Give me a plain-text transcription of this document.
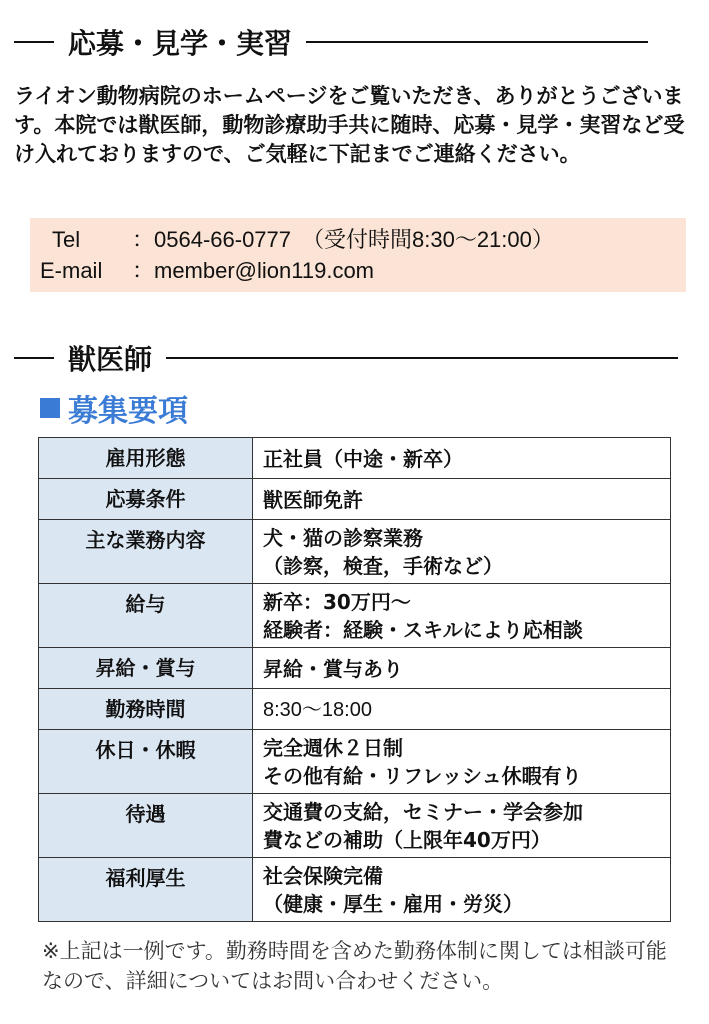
応募・見学・実習

ライオン動物病院のホームページをご覧いただき、ありがとうございます。本院では獣医師，動物診療助手共に随時、応募・見学・実習など受け入れておりますので、ご気軽に下記までご連絡ください。

Tel	：0564-66-0777　（受付時間8:30～21:00）
E-mail	：member@lion119.com
獣医師
募集要項
雇用形態	正社員（中途・新卒）

応募条件	獣医師免許

主な業務内容	犬・猫の診察業務
（診察，検査，手術など）

給与	新卒：30万円～
経験者：経験・スキルにより応相談

昇給・賞与	昇給・賞与あり

勤務時間	8:30〜18:00

休日・休暇	完全週休２日制
その他有給・リフレッシュ休暇有り

待遇	交通費の支給，セミナー・学会参加
費などの補助（上限年40万円）

福利厚生	社会保険完備
（健康・厚生・雇用・労災）

※上記は一例です。勤務時間を含めた勤務体制に関しては相談可能なので、詳細についてはお問い合わせください。
